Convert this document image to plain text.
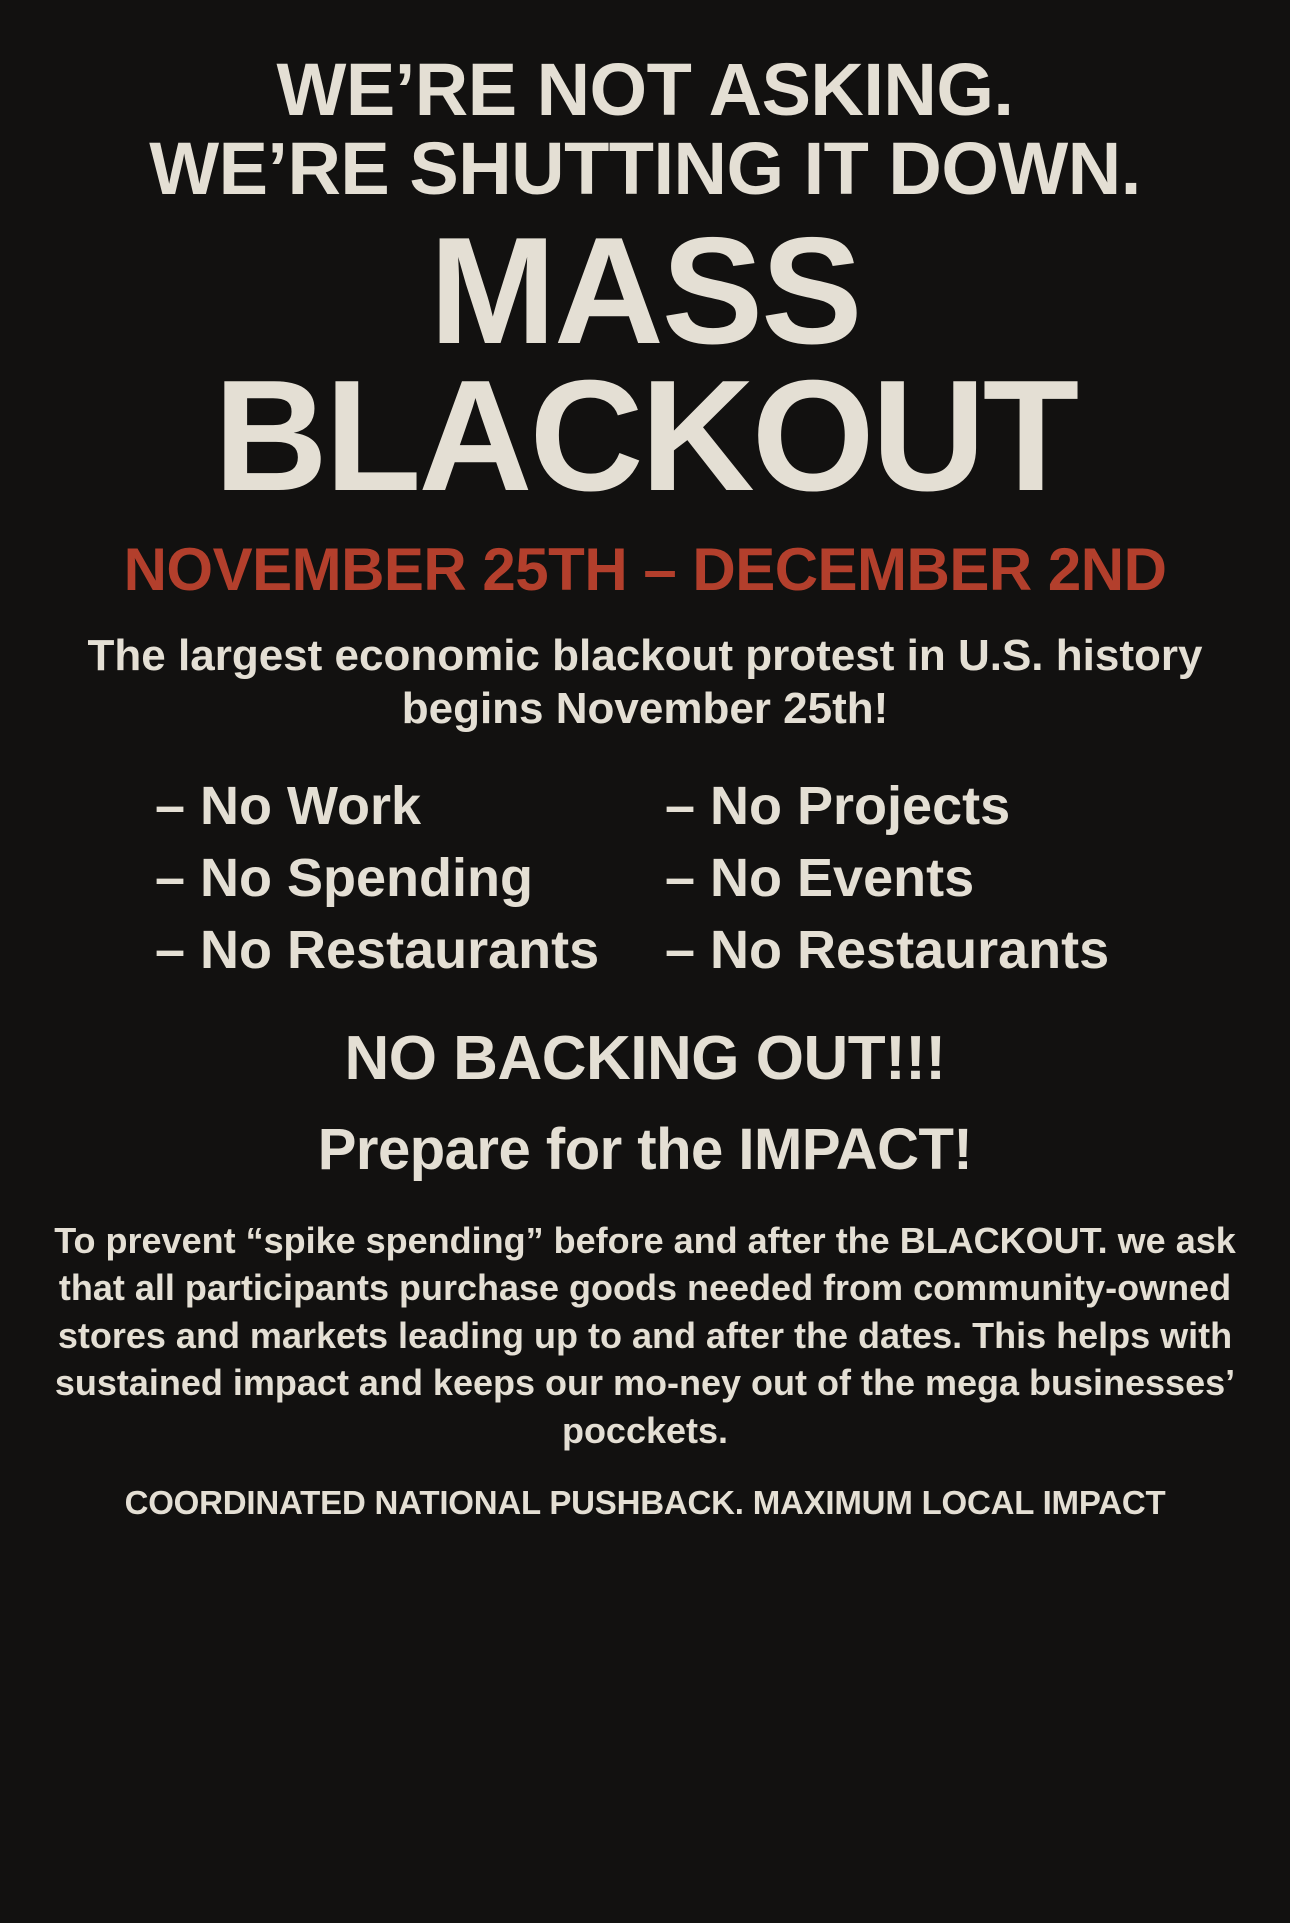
WE’RE NOT ASKING.
WE’RE SHUTTING IT DOWN.
MASS
BLACKOUT
NOVEMBER 25TH – DECEMBER 2ND
The largest economic blackout protest in U.S. history begins November 25th!
– No Work
– No Spending
– No Restaurants
– No Projects
– No Events
– No Restaurants
NO BACKING OUT!!!
Prepare for the IMPACT!

To prevent “spike spending” before and after the BLACKOUT. we ask that all participants purchase goods needed from community-owned stores and markets leading up to and after the dates. This helps with sustained impact and keeps our mo-ney out of the mega businesses’ pocckets.

COORDINATED NATIONAL PUSHBACK. MAXIMUM LOCAL IMPACT
